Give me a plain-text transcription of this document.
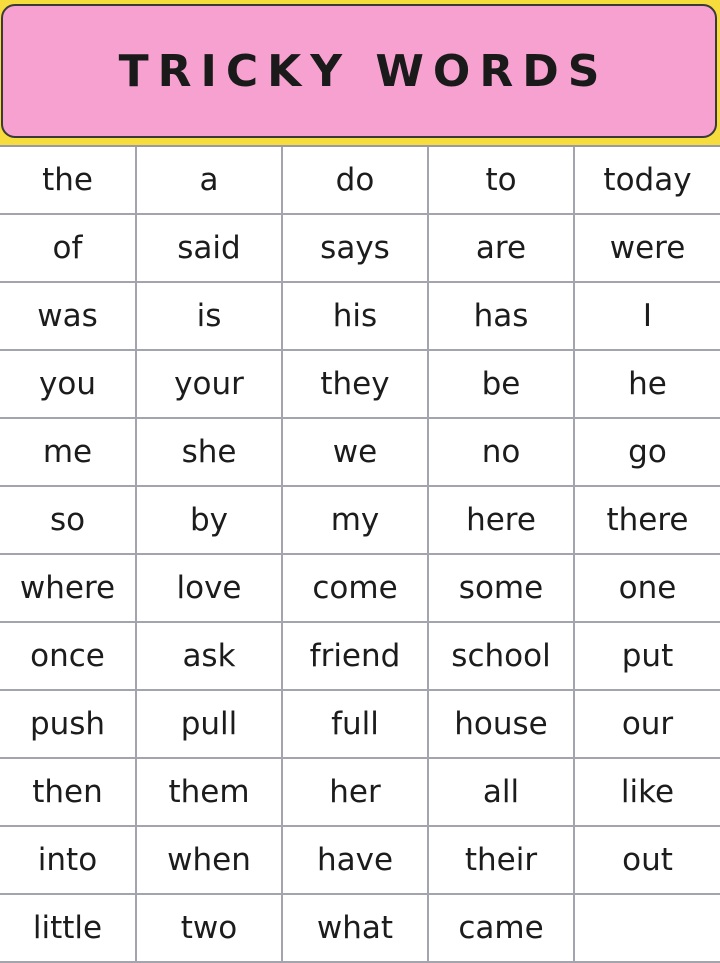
TRICKY WORDS
the	a	do	to	today
of	said	says	are	were
was	is	his	has	I
you	your	they	be	he
me	she	we	no	go
so	by	my	here	there
where	love	come	some	one
once	ask	friend	school	put
push	pull	full	house	our
then	them	her	all	like
into	when	have	their	out
little	two	what	came
